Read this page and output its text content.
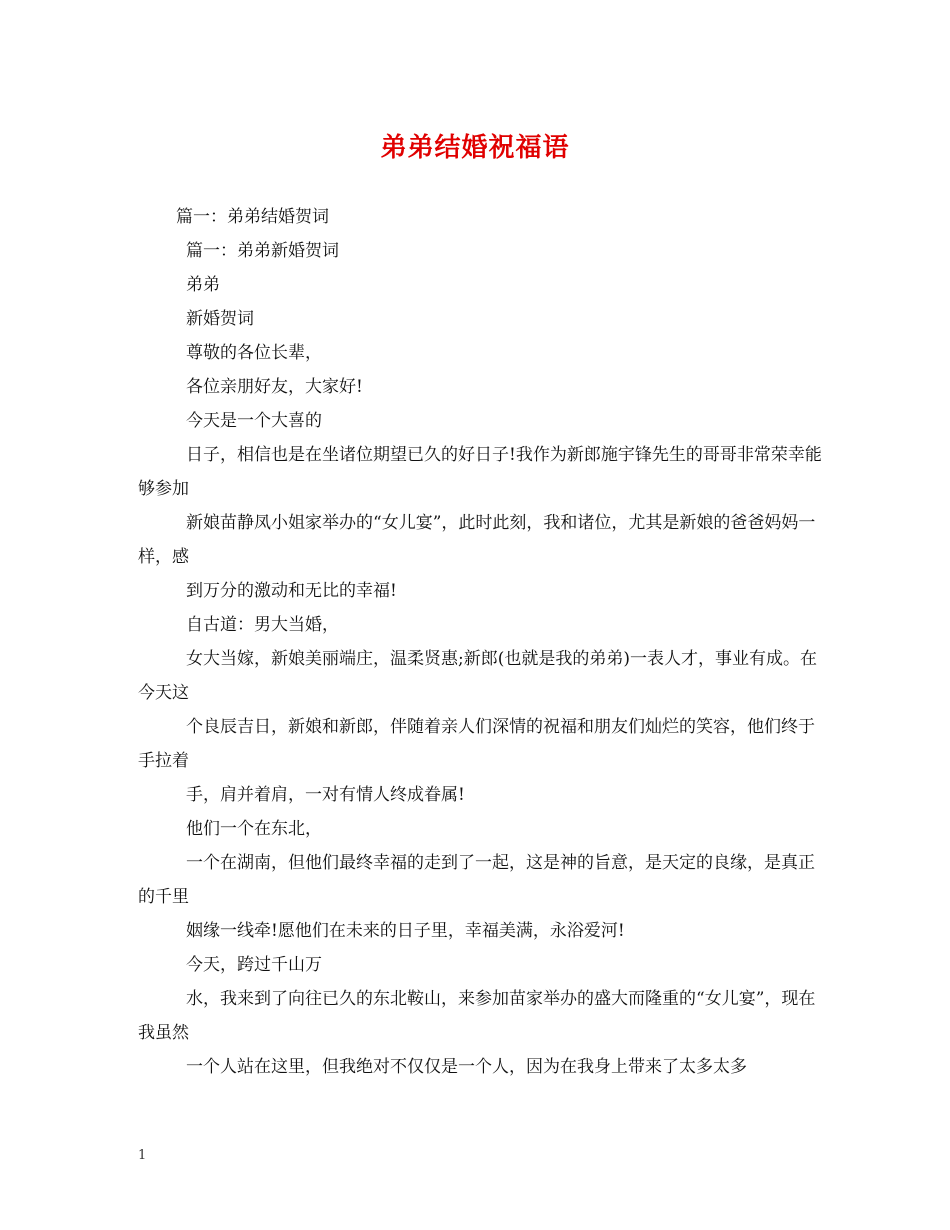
弟弟结婚祝福语

篇一：弟弟结婚贺词

篇一：弟弟新婚贺词

弟弟

新婚贺词

尊敬的各位长辈，

各位亲朋好友，大家好!

今天是一个大喜的

日子，相信也是在坐诸位期望已久的好日子!我作为新郎施宇锋先生的哥哥非常荣幸能够参加

新娘苗静凤小姐家举办的“女儿宴”，此时此刻，我和诸位，尤其是新娘的爸爸妈妈一样，感

到万分的激动和无比的幸福!

自古道：男大当婚，

女大当嫁，新娘美丽端庄，温柔贤惠;新郎(也就是我的弟弟)一表人才，事业有成。在今天这

个良辰吉日，新娘和新郎，伴随着亲人们深情的祝福和朋友们灿烂的笑容，他们终于手拉着

手，肩并着肩，一对有情人终成眷属!

他们一个在东北，

一个在湖南，但他们最终幸福的走到了一起，这是神的旨意，是天定的良缘，是真正的千里

姻缘一线牵!愿他们在未来的日子里，幸福美满，永浴爱河!

今天，跨过千山万

水，我来到了向往已久的东北鞍山，来参加苗家举办的盛大而隆重的“女儿宴”，现在我虽然

一个人站在这里，但我绝对不仅仅是一个人，因为在我身上带来了太多太多

1
